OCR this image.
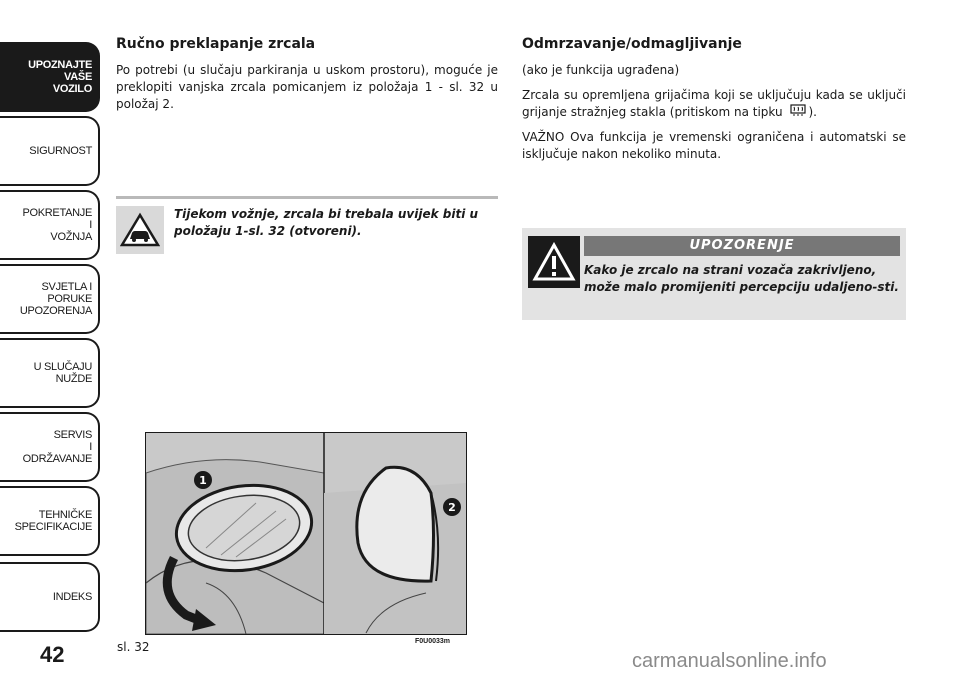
UPOZNAJTE
VAŠE
VOZILO
SIGURNOST
POKRETANJE
I
VOŽNJA
SVJETLA I
PORUKE
UPOZORENJA
U SLUČAJU
NUŽDE
SERVIS
I
ODRŽAVANJE
TEHNIČKE
SPECIFIKACIJE
INDEKS
42
Ručno preklapanje zrcala

Po potrebi (u slučaju parkiranja u uskom prostoru), moguće je preklopiti vanjska zrcala pomicanjem iz položaja 1 - sl. 32 u položaj 2.

Tijekom vožnje, zrcala bi trebala uvijek biti u položaju 1-sl. 32 (otvoreni).
Odmrzavanje/odmagljivanje

(ako je funkcija ugrađena)

Zrcala su opremljena grijačima koji se uključuju kada se uključi grijanje stražnjeg stakla (pritiskom na tipku ).

VAŽNO Ova funkcija je vremenski ograničena i automatski se isključuje nakon nekoliko minuta.

UPOZORENJE
Kako je zrcalo na strani vozača zakrivljeno, može malo promijeniti percepciju udaljeno-sti.
1
2
sl. 32	F0U0033m
carmanualsonline.info
